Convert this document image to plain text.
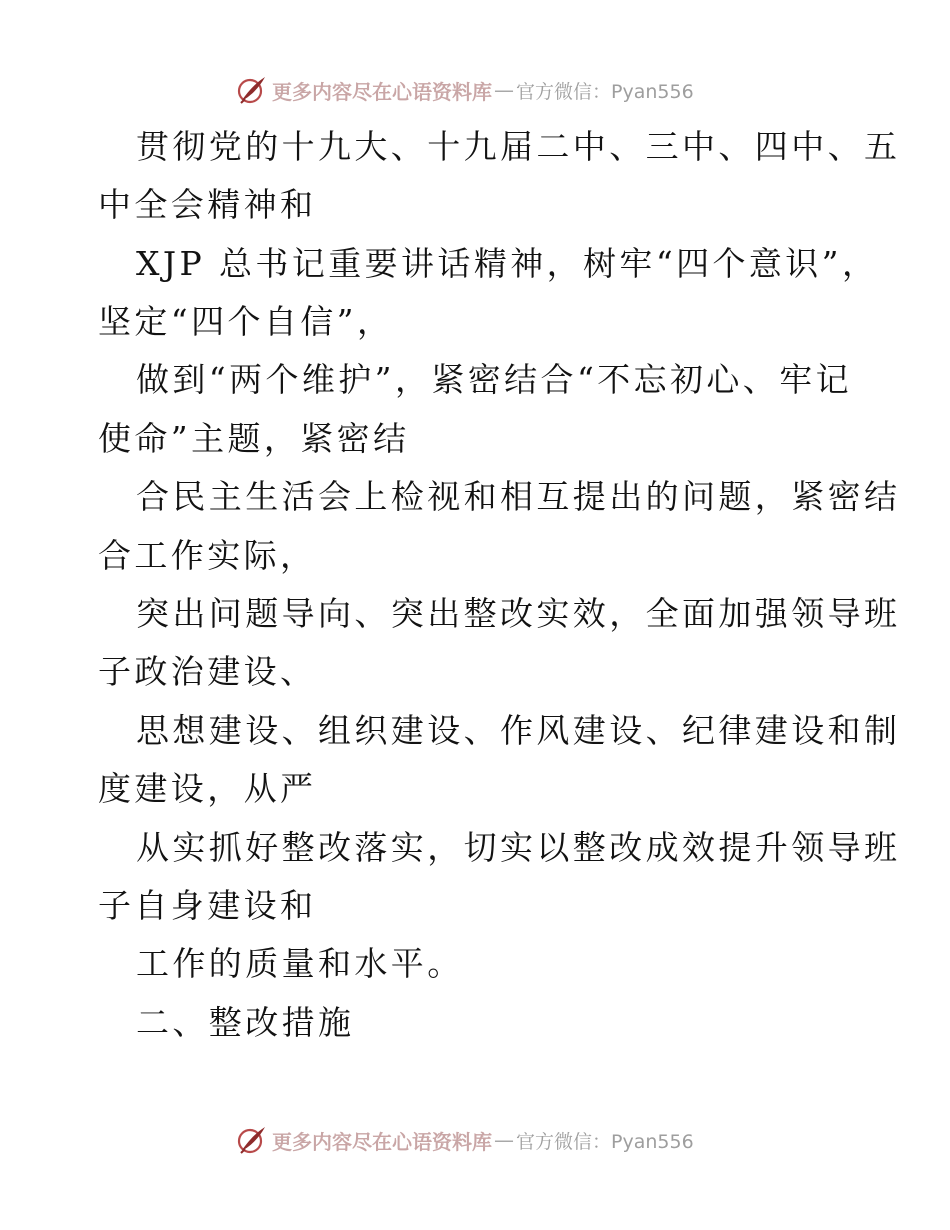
更多内容尽在心语资料库 — 官方微信：Pyan556
贯彻党的十九大、十九届二中、三中、四中、五
中全会精神和
XJP 总书记重要讲话精神，树牢“四个意识”，
坚定“四个自信”，
做到“两个维护”，紧密结合“不忘初心、牢记
使命”主题，紧密结
合民主生活会上检视和相互提出的问题，紧密结
合工作实际，
突出问题导向、突出整改实效，全面加强领导班
子政治建设、
思想建设、组织建设、作风建设、纪律建设和制
度建设，从严
从实抓好整改落实，切实以整改成效提升领导班
子自身建设和
工作的质量和水平。
二、整改措施
更多内容尽在心语资料库 — 官方微信：Pyan556
